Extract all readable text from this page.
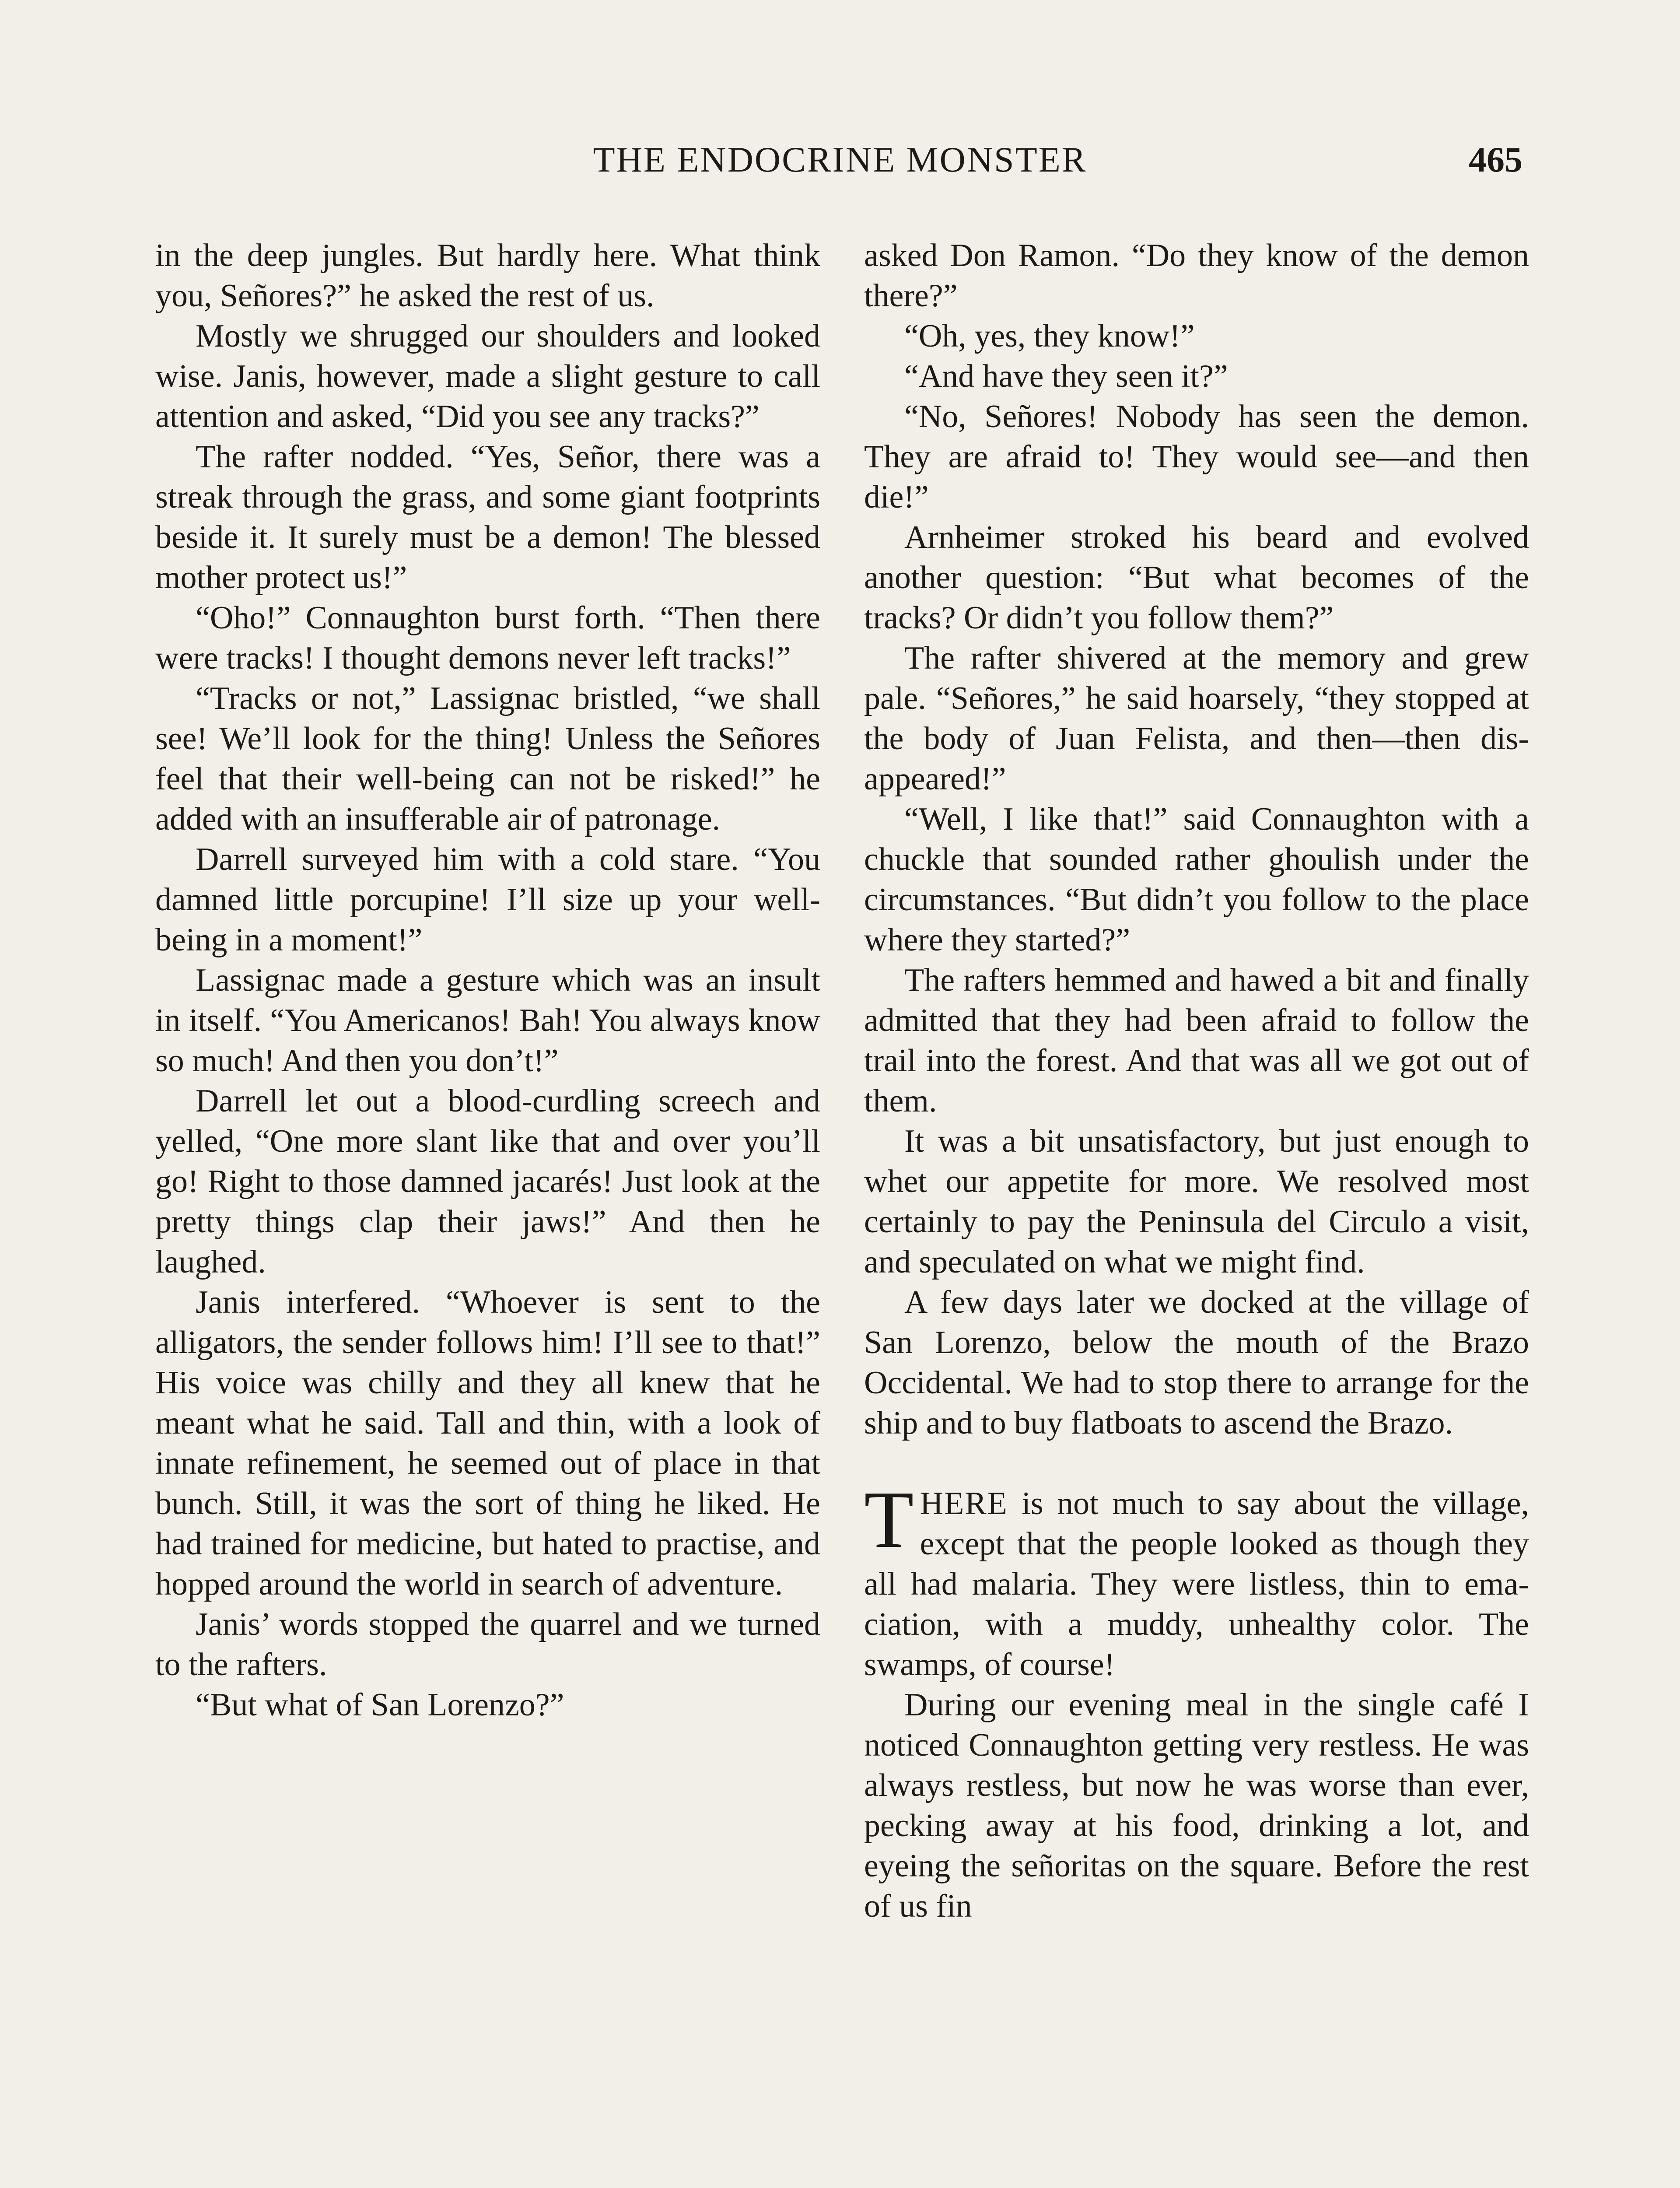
THE ENDOCRINE MONSTER	465

in the deep jungles. But hardly here. What think you, Señores?” he asked the rest of us.

Mostly we shrugged our shoulders and looked wise. Janis, however, made a slight gesture to call attention and asked, “Did you see any tracks?”

The rafter nodded. “Yes, Señor, there was a streak through the grass, and some giant footprints beside it. It surely must be a demon! The blessed mother protect us!”

“Oho!” Connaughton burst forth. “Then there were tracks! I thought demons never left tracks!”

“Tracks or not,” Lassignac bristled, “we shall see! We’ll look for the thing! Unless the Señores feel that their well-being can not be risked!” he added with an insufferable air of patronage.

Darrell surveyed him with a cold stare. “You damned little porcupine! I’ll size up your well-being in a moment!”

Lassignac made a gesture which was an insult in itself. “You Americanos! Bah! You always know so much! And then you don’t!”

Darrell let out a blood-curdling screech and yelled, “One more slant like that and over you’ll go! Right to those damned jacarés! Just look at the pretty things clap their jaws!” And then he laughed.

Janis interfered. “Whoever is sent to the alligators, the sender follows him! I’ll see to that!” His voice was chilly and they all knew that he meant what he said. Tall and thin, with a look of innate refinement, he seemed out of place in that bunch. Still, it was the sort of thing he liked. He had trained for medicine, but hated to practise, and hopped around the world in search of adventure.

Janis’ words stopped the quarrel and we turned to the rafters.

“But what of San Lorenzo?”

asked Don Ramon. “Do they know of the demon there?”

“Oh, yes, they know!”

“And have they seen it?”

“No, Señores! Nobody has seen the demon. They are afraid to! They would see—and then die!”

Arnheimer stroked his beard and evolved another question: “But what becomes of the tracks? Or didn’t you follow them?”

The rafter shivered at the memory and grew pale. “Señores,” he said hoarsely, “they stopped at the body of Juan Felista, and then—then disappeared!”

“Well, I like that!” said Connaughton with a chuckle that sounded rather ghoulish under the circumstances. “But didn’t you follow to the place where they started?”

The rafters hemmed and hawed a bit and finally admitted that they had been afraid to follow the trail into the forest. And that was all we got out of them.

It was a bit unsatisfactory, but just enough to whet our appetite for more. We resolved most certainly to pay the Peninsula del Circulo a visit, and speculated on what we might find.

A few days later we docked at the village of San Lorenzo, below the mouth of the Brazo Occidental. We had to stop there to arrange for the ship and to buy flatboats to ascend the Brazo.

THERE is not much to say about the village, except that the people looked as though they all had malaria. They were listless, thin to emaciation, with a muddy, unhealthy color. The swamps, of course!

During our evening meal in the single café I noticed Connaughton getting very restless. He was always restless, but now he was worse than ever, pecking away at his food, drinking a lot, and eyeing the señoritas on the square. Before the rest of us fin
